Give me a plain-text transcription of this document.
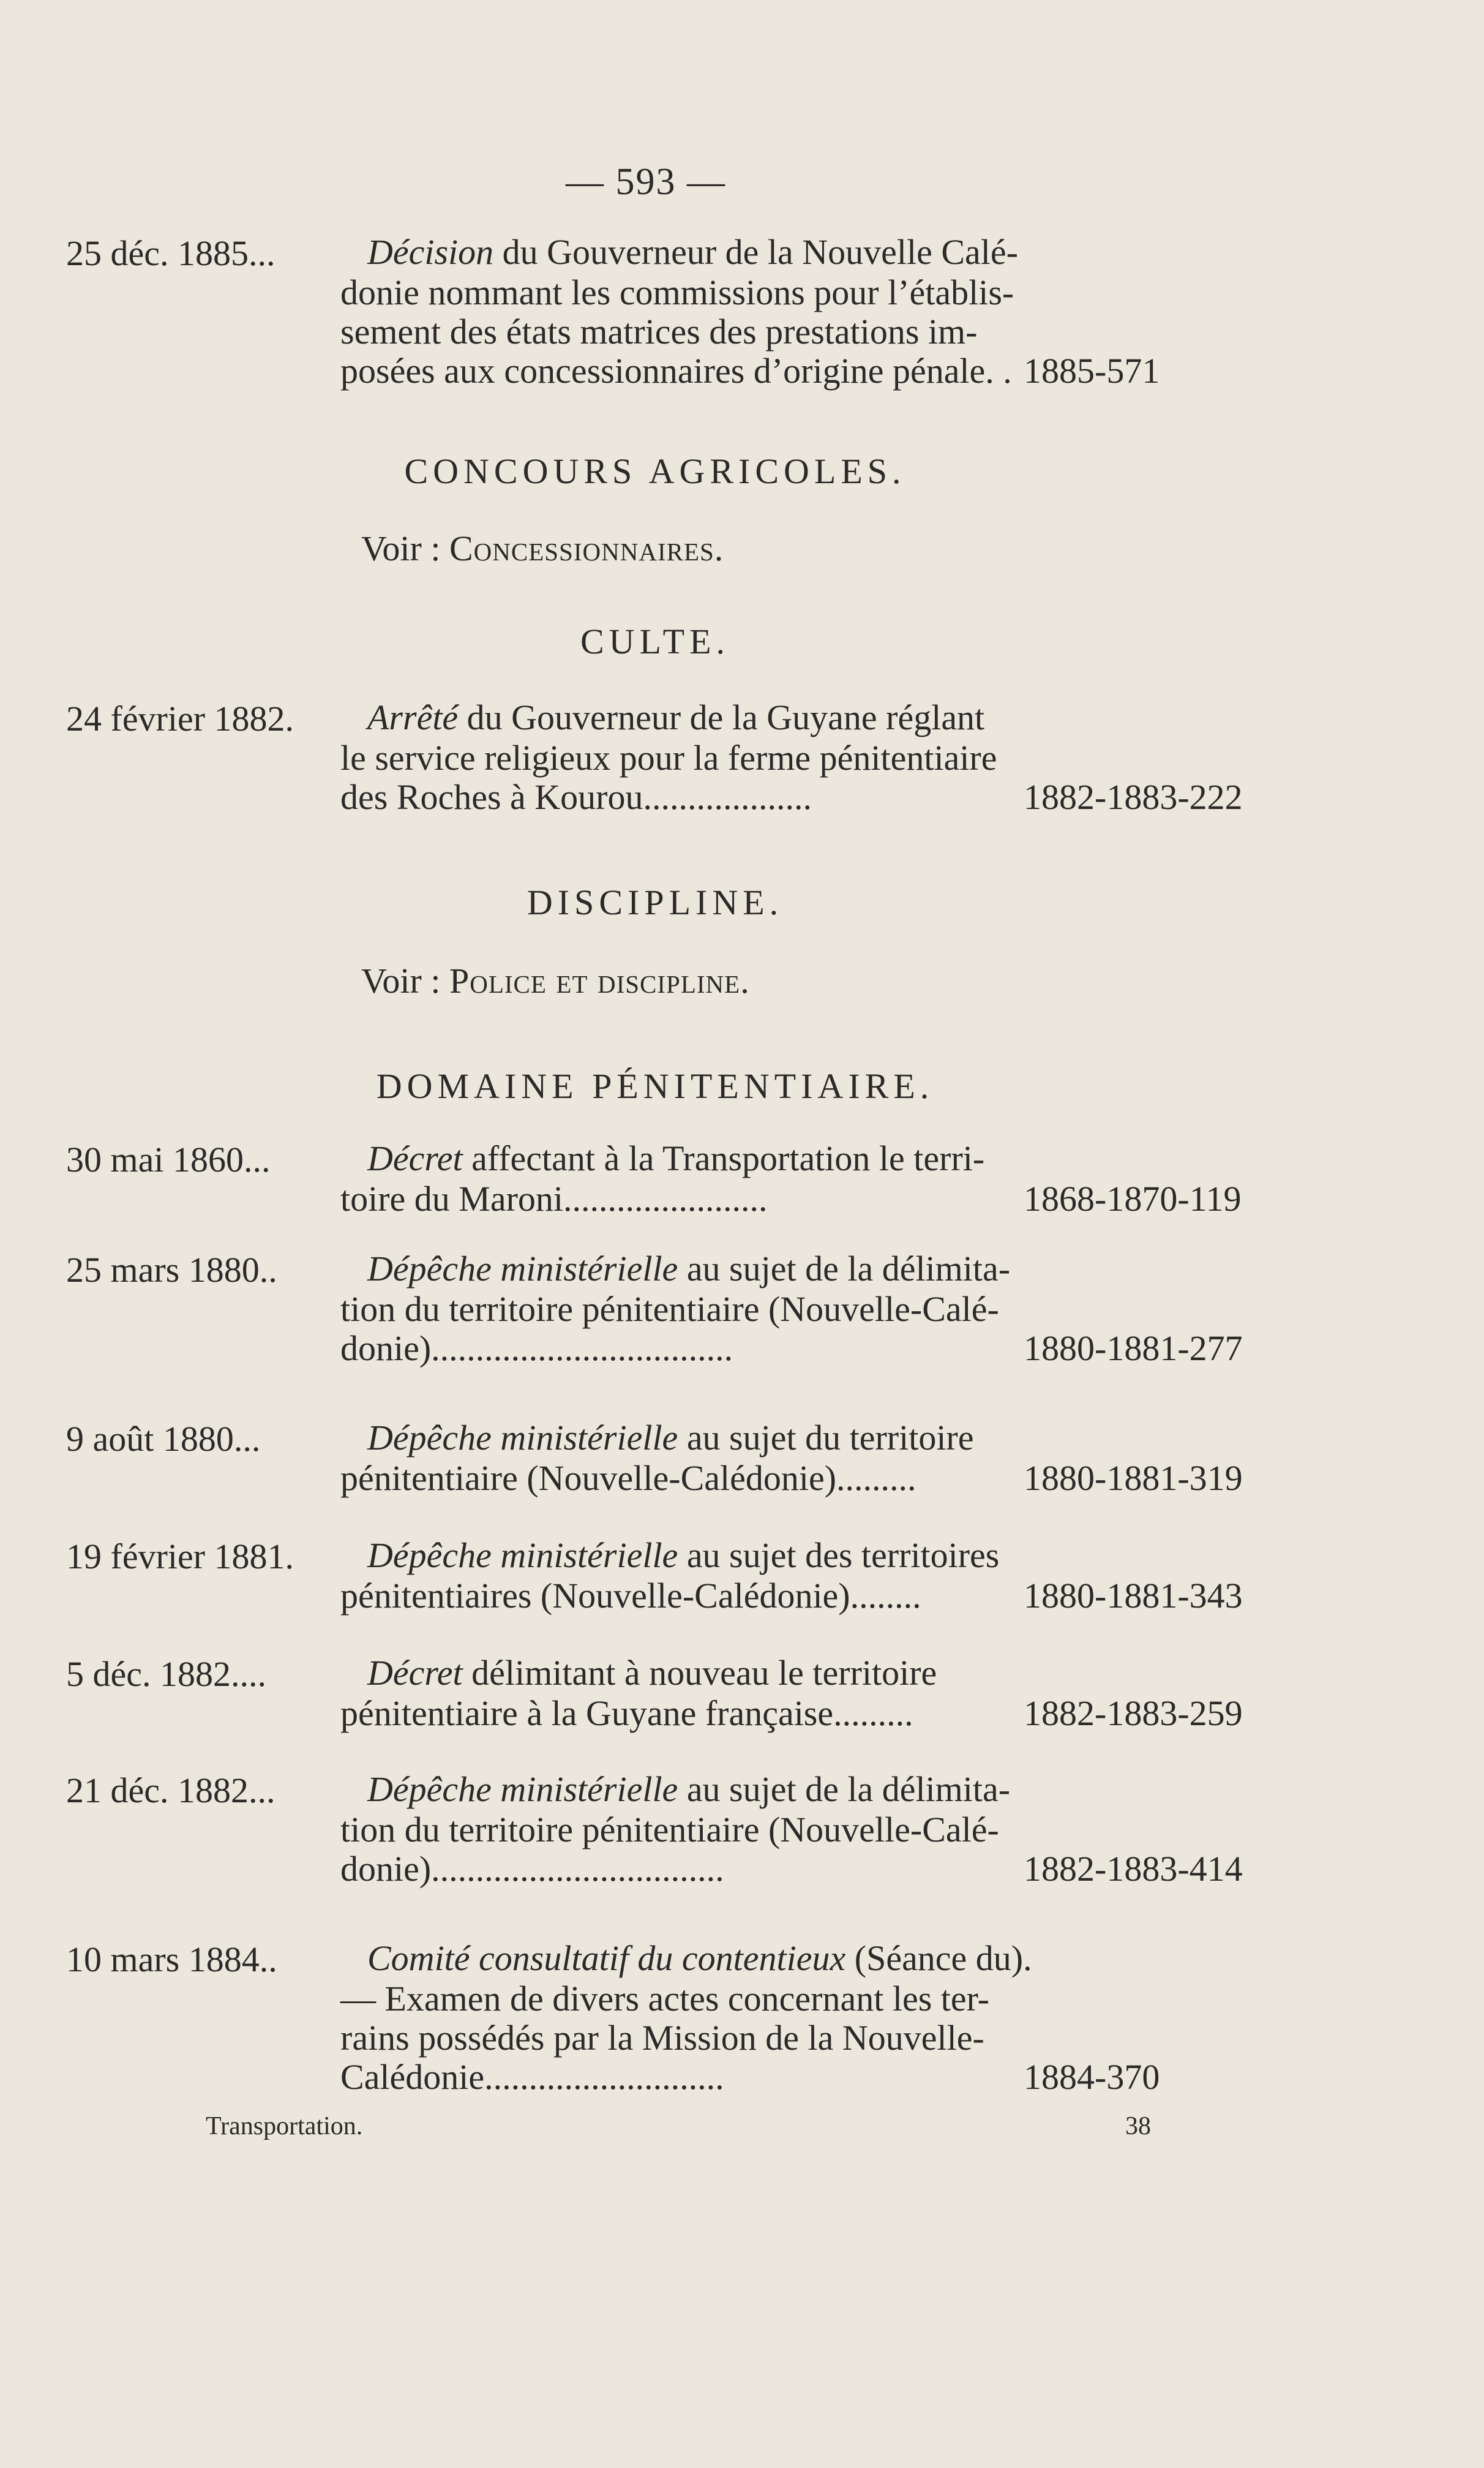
— 593 —
25 déc. 1885...	Décision du Gouverneur de la Nouvelle Calé-
donie nommant les commissions pour l’établis-
sement des états matrices des prestations im-
posées aux concessionnaires d’origine pénale. . 1885-571
CONCOURS AGRICOLES.
Voir : Concessionnaires.
CULTE.
24 février 1882. Arrêté du Gouverneur de la Guyane réglant
le service religieux pour la ferme pénitentiaire
des Roches à Kourou...................	1882-1883-222
DISCIPLINE.
Voir : Police et discipline.
DOMAINE PÉNITENTIAIRE.
30 mai 1860...	Décret affectant à la Transportation le terri-
toire du Maroni.......................	1868-1870-119
25 mars 1880..	Dépêche ministérielle au sujet de la délimita-
tion du territoire pénitentiaire (Nouvelle-Calé-
donie)..................................	1880-1881-277
9 août 1880...	Dépêche ministérielle au sujet du territoire
pénitentiaire (Nouvelle-Calédonie).........	1880-1881-319
19 février 1881. Dépêche ministérielle au sujet des territoires
pénitentiaires (Nouvelle-Calédonie)........	1880-1881-343
5 déc. 1882....	Décret délimitant à nouveau le territoire
pénitentiaire à la Guyane française.........	1882-1883-259
21 déc. 1882...	Dépêche ministérielle au sujet de la délimita-
tion du territoire pénitentiaire (Nouvelle-Calé-
donie).................................	1882-1883-414
10 mars 1884..	Comité consultatif du contentieux (Séance du).
— Examen de divers actes concernant les ter-
rains possédés par la Mission de la Nouvelle-
Calédonie...........................	1884-370
Transportation.	38
